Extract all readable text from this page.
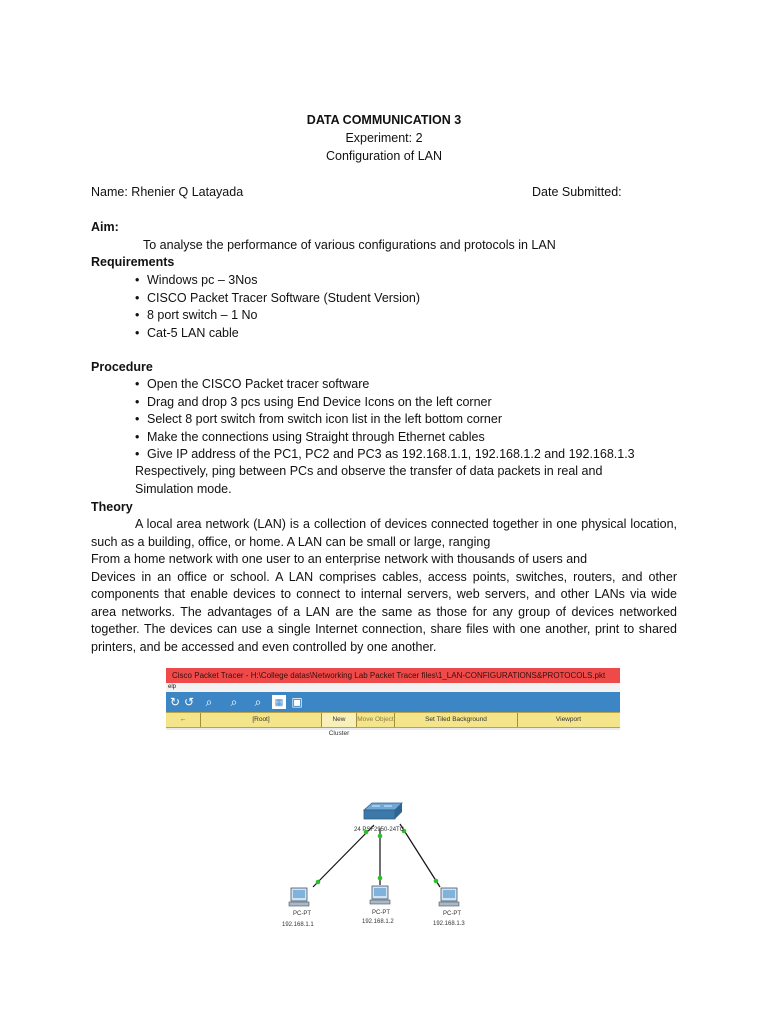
DATA COMMUNICATION 3
Experiment: 2
Configuration of LAN
Name: Rhenier Q Latayada	Date Submitted:
Aim:
To analyse the performance of various configurations and protocols in LAN
Requirements
• Windows pc – 3Nos
• CISCO Packet Tracer Software (Student Version)
• 8 port switch – 1 No
• Cat-5 LAN cable
Procedure
• Open the CISCO Packet tracer software
• Drag and drop 3 pcs using End Device Icons on the left corner
• Select 8 port switch from switch icon list in the left bottom corner
• Make the connections using Straight through Ethernet cables
• Give IP address of the PC1, PC2 and PC3 as 192.168.1.1, 192.168.1.2 and 192.168.1.3
Respectively, ping between PCs and observe the transfer of data packets in real and
Simulation mode.
Theory
A local area network (LAN) is a collection of devices connected together in one physical location,
such as a building, office, or home. A LAN can be small or large, ranging
From a home network with one user to an enterprise network with thousands of users and
Devices in an office or school. A LAN comprises cables, access points, switches, routers, and other
components that enable devices to connect to internal servers, web servers, and other LANs via wide
area networks. The advantages of a LAN are the same as those for any group of devices networked
together. The devices can use a single Internet connection, share files with one another, print to shared
printers, and be accessed and even controlled by one another.
Cisco Packet Tracer - H:\College datas\Networking Lab Packet Tracer files\1_LAN-CONFIGURATIONS&PROTOCOLS.pkt
elp
↻ ↺ ⌕	⌕	⌕	▦ ▣
←	[Root]	New Cluster
Move Object	Set Tiled Background	Viewport
24 PSF2950-24TC
PC-PT
192.168.1.1
PC-PT
192.168.1.2
PC-PT
192.168.1.3
